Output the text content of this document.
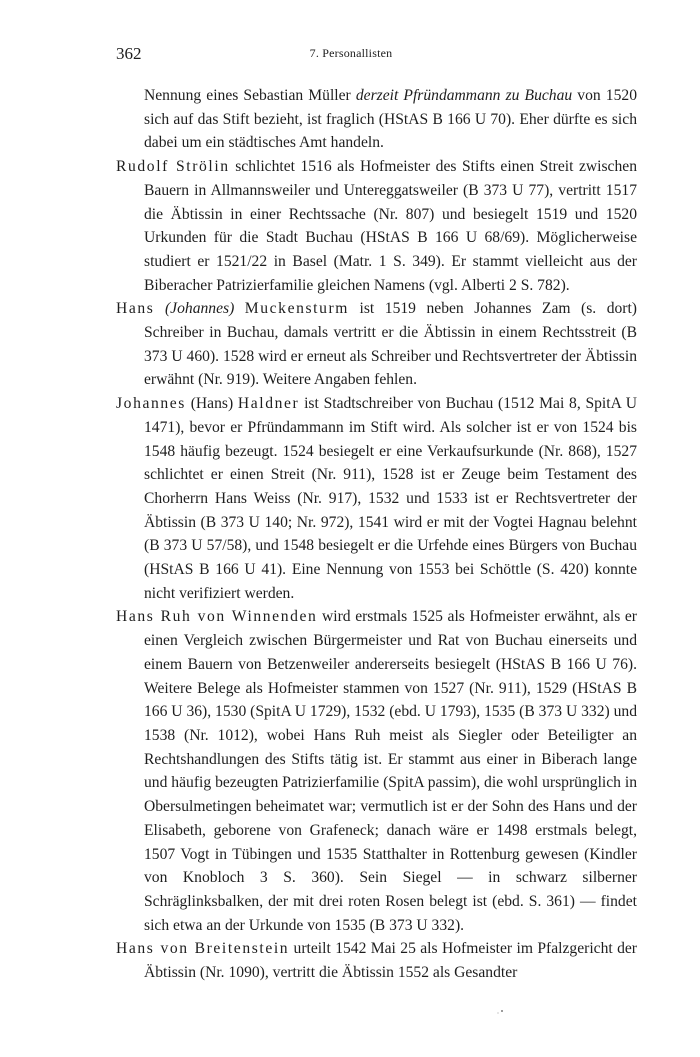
362	7. Personallisten

Nennung eines Sebastian Müller derzeit Pfründammann zu Buchau von 1520 sich auf das Stift bezieht, ist fraglich (HStAS B 166 U 70). Eher dürfte es sich dabei um ein städtisches Amt handeln.

Rudolf Strölin schlichtet 1516 als Hofmeister des Stifts einen Streit zwischen Bauern in Allmannsweiler und Untereggatsweiler (B 373 U 77), vertritt 1517 die Äbtissin in einer Rechtssache (Nr. 807) und besiegelt 1519 und 1520 Urkunden für die Stadt Buchau (HStAS B 166 U 68/69). Möglicherweise studiert er 1521/22 in Basel (Matr. 1 S. 349). Er stammt vielleicht aus der Biberacher Patrizierfamilie gleichen Namens (vgl. Alberti 2 S. 782).

Hans (Johannes) Muckensturm ist 1519 neben Johannes Zam (s. dort) Schreiber in Buchau, damals vertritt er die Äbtissin in einem Rechtsstreit (B 373 U 460). 1528 wird er erneut als Schreiber und Rechtsvertreter der Äbtissin erwähnt (Nr. 919). Weitere Angaben fehlen.

Johannes (Hans) Haldner ist Stadtschreiber von Buchau (1512 Mai 8, SpitA U 1471), bevor er Pfründammann im Stift wird. Als solcher ist er von 1524 bis 1548 häufig bezeugt. 1524 besiegelt er eine Verkaufsurkunde (Nr. 868), 1527 schlichtet er einen Streit (Nr. 911), 1528 ist er Zeuge beim Testament des Chorherrn Hans Weiss (Nr. 917), 1532 und 1533 ist er Rechtsvertreter der Äbtissin (B 373 U 140; Nr. 972), 1541 wird er mit der Vogtei Hagnau belehnt (B 373 U 57/58), und 1548 besiegelt er die Urfehde eines Bürgers von Buchau (HStAS B 166 U 41). Eine Nennung von 1553 bei Schöttle (S. 420) konnte nicht verifiziert werden.

Hans Ruh von Winnenden wird erstmals 1525 als Hofmeister erwähnt, als er einen Vergleich zwischen Bürgermeister und Rat von Buchau einerseits und einem Bauern von Betzenweiler andererseits besiegelt (HStAS B 166 U 76). Weitere Belege als Hofmeister stammen von 1527 (Nr. 911), 1529 (HStAS B 166 U 36), 1530 (SpitA U 1729), 1532 (ebd. U 1793), 1535 (B 373 U 332) und 1538 (Nr. 1012), wobei Hans Ruh meist als Siegler oder Beteiligter an Rechtshandlungen des Stifts tätig ist. Er stammt aus einer in Biberach lange und häufig bezeugten Patrizierfamilie (SpitA passim), die wohl ursprünglich in Obersulmetingen beheimatet war; vermutlich ist er der Sohn des Hans und der Elisabeth, geborene von Grafeneck; danach wäre er 1498 erstmals belegt, 1507 Vogt in Tübingen und 1535 Statthalter in Rottenburg gewesen (Kindler von Knobloch 3 S. 360). Sein Siegel — in schwarz silberner Schräglinksbalken, der mit drei roten Rosen belegt ist (ebd. S. 361) — findet sich etwa an der Urkunde von 1535 (B 373 U 332).

Hans von Breitenstein urteilt 1542 Mai 25 als Hofmeister im Pfalzgericht der Äbtissin (Nr. 1090), vertritt die Äbtissin 1552 als Gesandter
